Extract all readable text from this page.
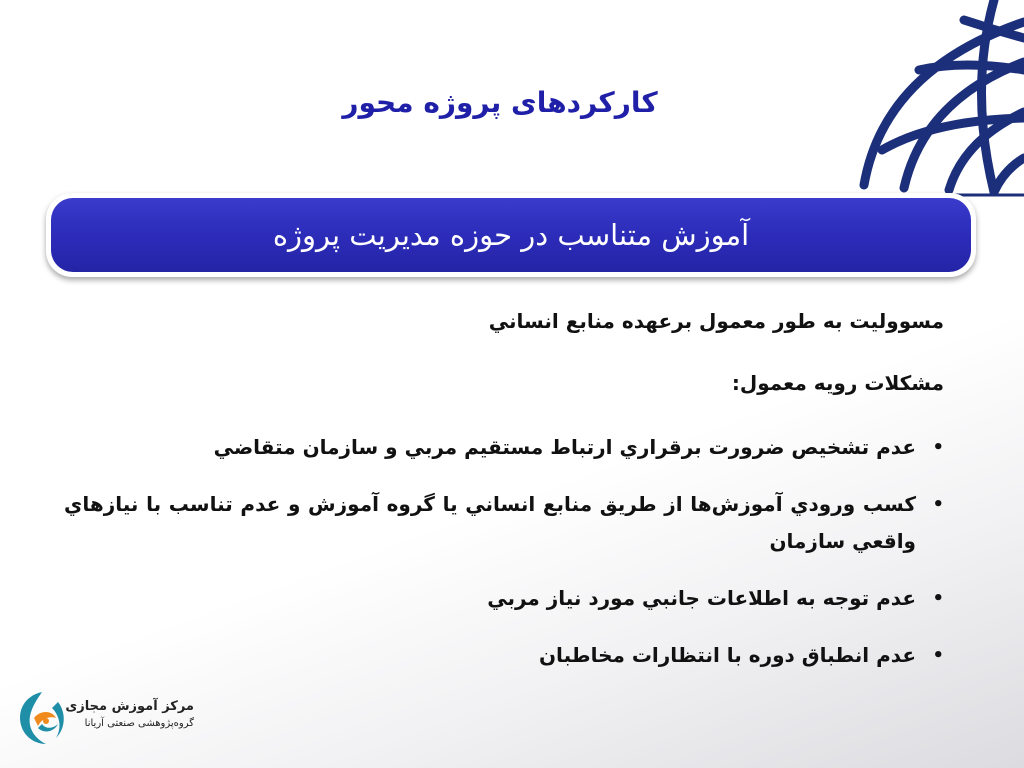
کارکردهای پروژه محور
آموزش متناسب در حوزه مدیریت پروژه

مسووليت به طور معمول برعهده منابع انساني

مشکلات رويه معمول:

•
عدم تشخيص ضرورت برقراري ارتباط مستقيم مربي و سازمان متقاضي
•
کسب ورودي آموزش‌ها از طريق منابع انساني يا گروه آموزش و عدم تناسب با نيازهاي واقعي سازمان
•
عدم توجه به اطلاعات جانبي مورد نياز مربي
•
عدم انطباق دوره با انتظارات مخاطبان
مرکز آموزش مجازی
گروه‌پژوهشی صنعتی آریانا
